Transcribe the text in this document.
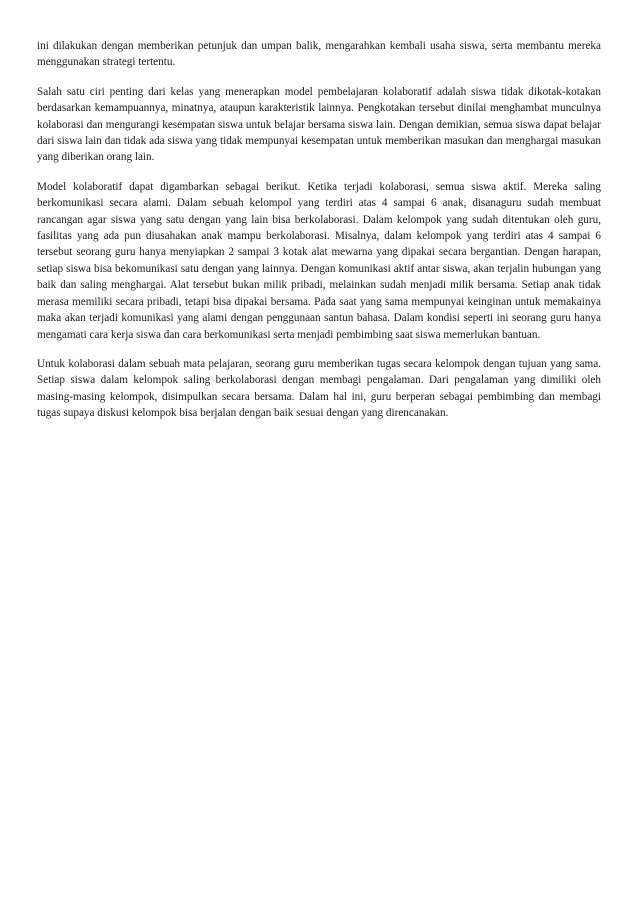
ini dilakukan dengan memberikan petunjuk dan umpan balik, mengarahkan kembali usaha siswa, serta membantu mereka menggunakan strategi tertentu.

Salah satu ciri penting dari kelas yang menerapkan model pembelajaran kolaboratif adalah siswa tidak dikotak-kotakan berdasarkan kemampuannya, minatnya, ataupun karakteristik lainnya. Pengkotakan tersebut dinilai menghambat munculnya kolaborasi dan mengurangi kesempatan siswa untuk belajar bersama siswa lain. Dengan demikian, semua siswa dapat belajar dari siswa lain dan tidak ada siswa yang tidak mempunyai kesempatan untuk memberikan masukan dan menghargai masukan yang diberikan orang lain.

Model kolaboratif dapat digambarkan sebagai berikut. Ketika terjadi kolaborasi, semua siswa aktif. Mereka saling berkomunikasi secara alami. Dalam sebuah kelompol yang terdiri atas 4 sampai 6 anak, disanaguru sudah membuat rancangan agar siswa yang satu dengan yang lain bisa berkolaborasi. Dalam kelompok yang sudah ditentukan oleh guru, fasilitas yang ada pun diusahakan anak mampu berkolaborasi. Misalnya, dalam kelompok yang terdiri atas 4 sampai 6 tersebut seorang guru hanya menyiapkan 2 sampai 3 kotak alat mewarna yang dipakai secara bergantian. Dengan harapan, setiap siswa bisa bekomunikasi satu dengan yang lainnya. Dengan komunikasi aktif antar siswa, akan terjalin hubungan yang baik dan saling menghargai. Alat tersebut bukan milik pribadi, melainkan sudah menjadi milik bersama. Setiap anak tidak merasa memiliki secara pribadi, tetapi bisa dipakai bersama. Pada saat yang sama mempunyai keinginan untuk memakainya maka akan terjadi komunikasi yang alami dengan penggunaan santun bahasa. Dalam kondisi seperti ini seorang guru hanya mengamati cara kerja siswa dan cara berkomunikasi serta menjadi pembimbing saat siswa memerlukan bantuan.

Untuk kolaborasi dalam sebuah mata pelajaran, seorang guru memberikan tugas secara kelompok dengan tujuan yang sama. Setiap siswa dalam kelompok saling berkolaborasi dengan membagi pengalaman. Dari pengalaman yang dimiliki oleh masing-masing kelompok, disimpulkan secara bersama. Dalam hal ini, guru berperan sebagai pembimbing dan membagi tugas supaya diskusi kelompok bisa berjalan dengan baik sesuai dengan yang direncanakan.
